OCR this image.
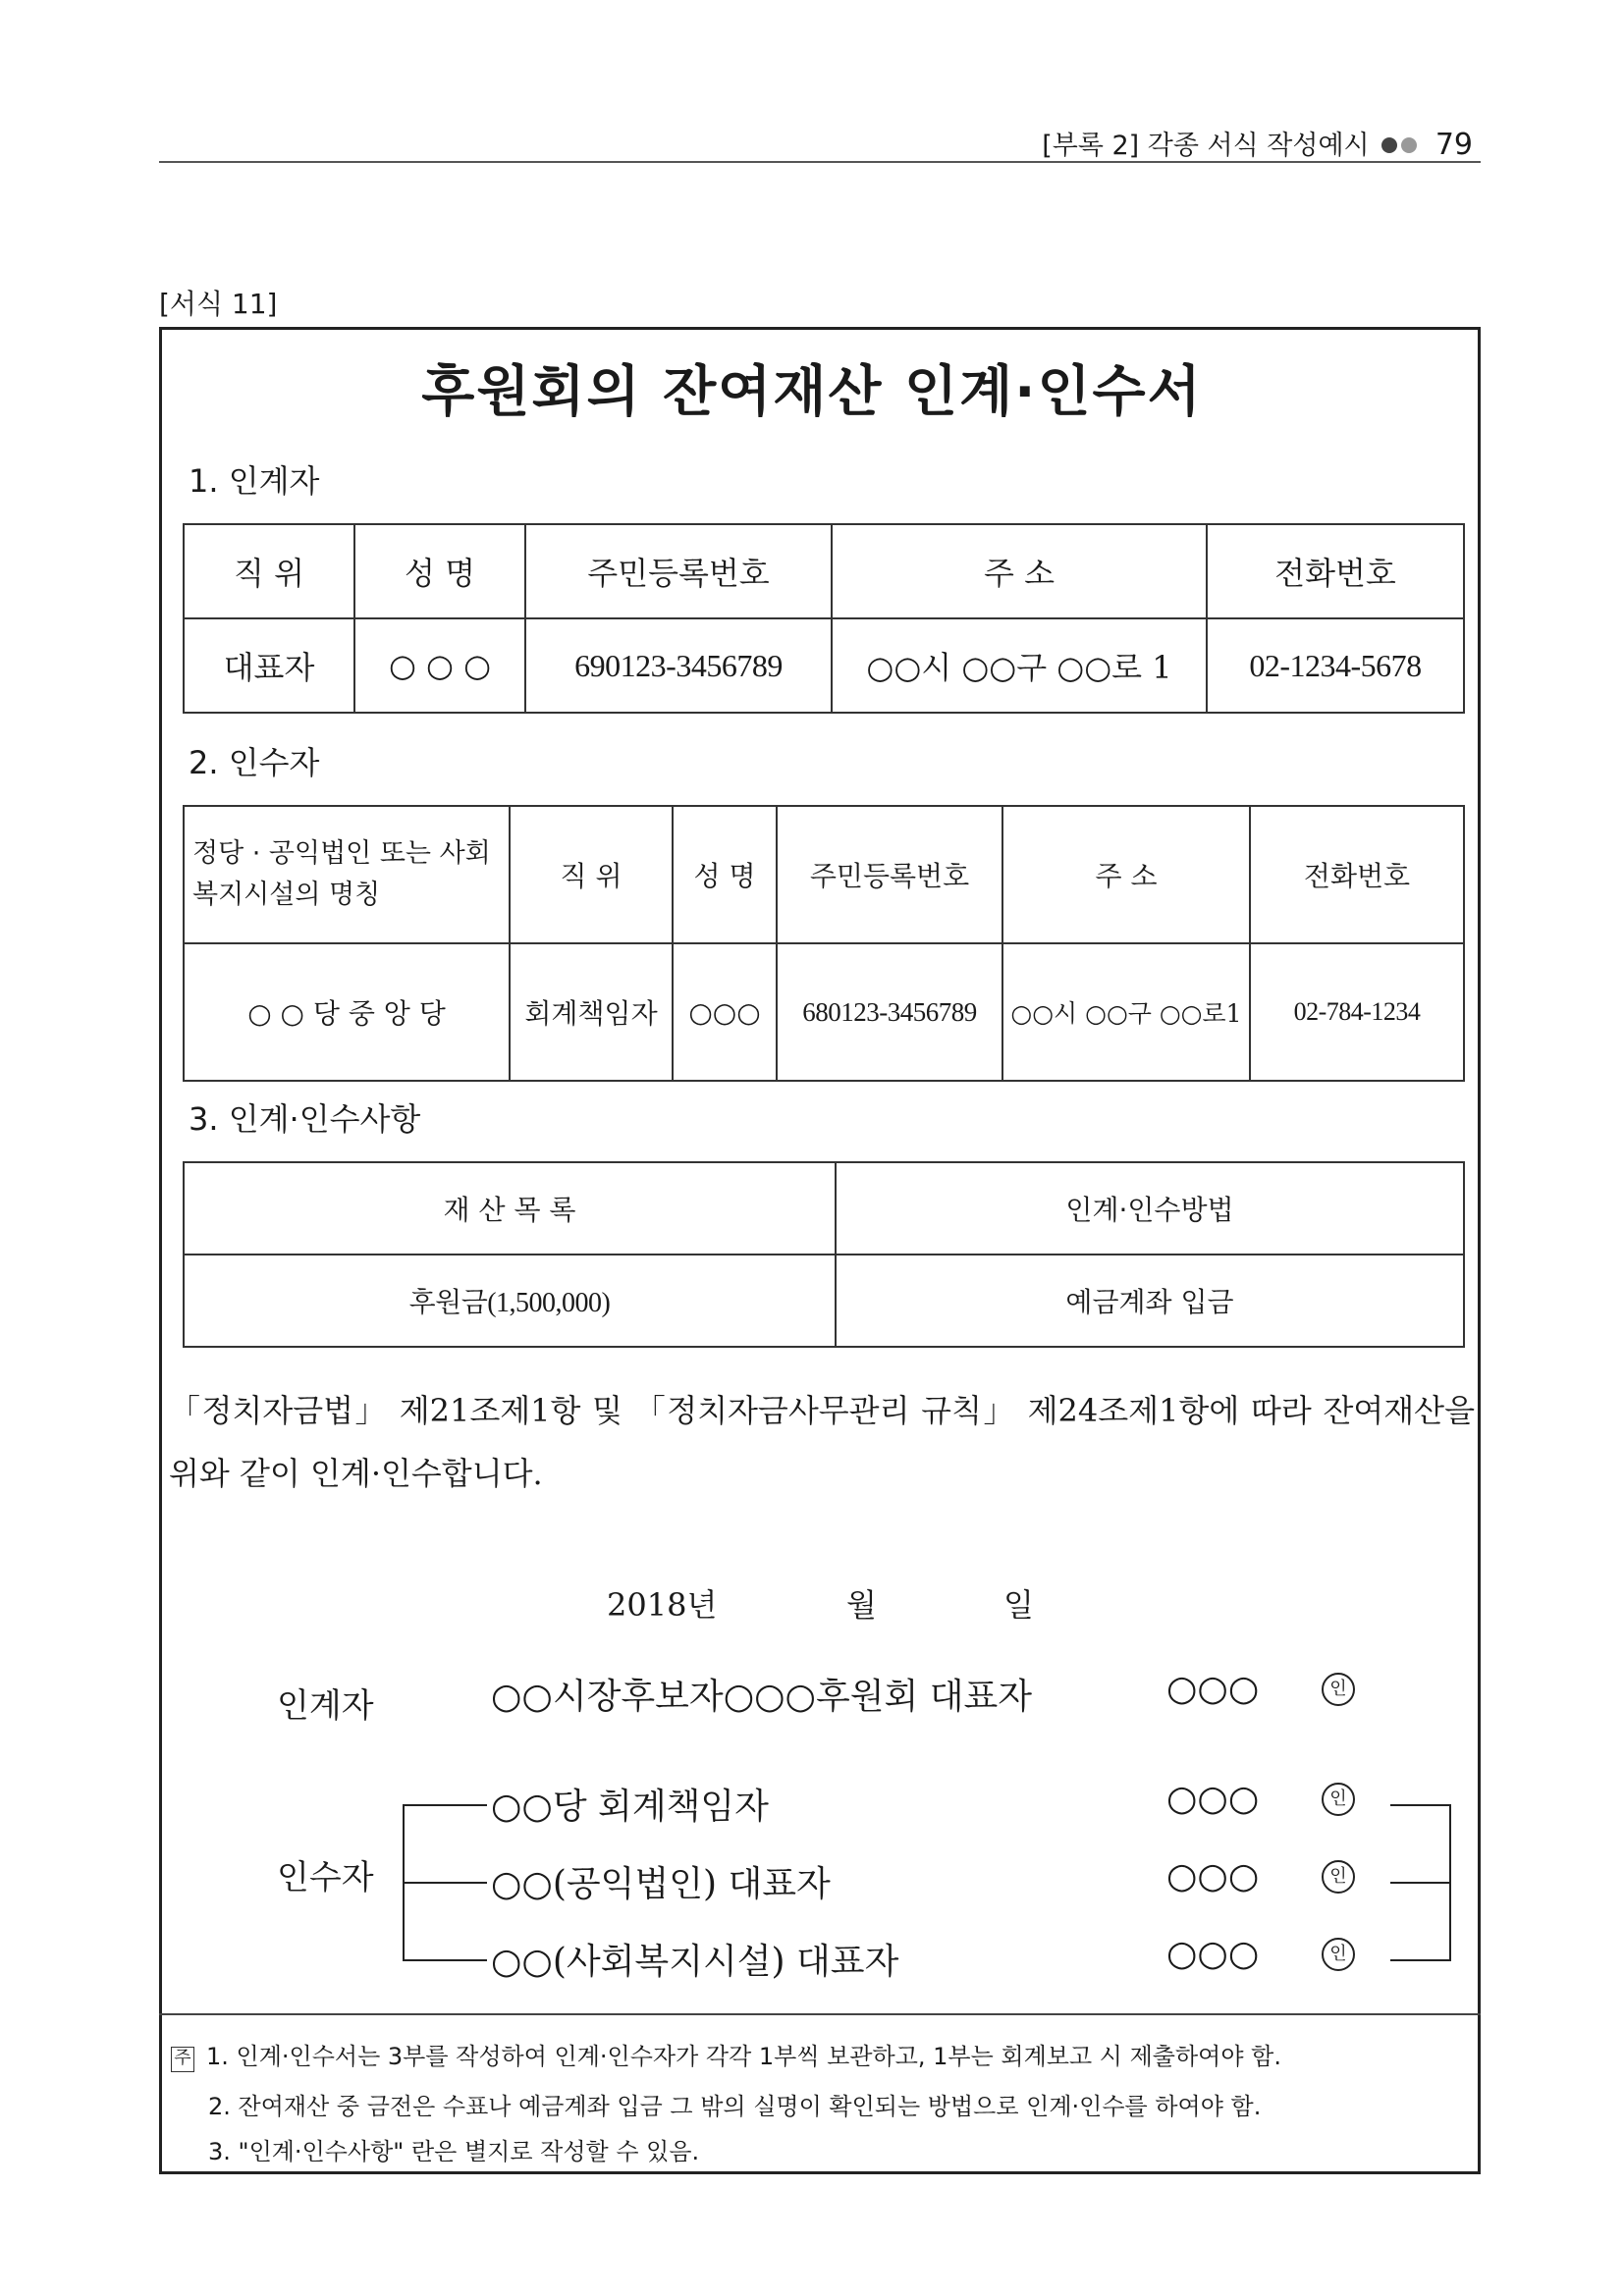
[부록 2] 각종 서식 작성예시 79
[서식 11]
후원회의 잔여재산 인계·인수서
1. 인계자
직 위	성 명	주민등록번호	주 소	전화번호
대표자	○ ○ ○	690123-3456789	○○시 ○○구 ○○로 1	02-1234-5678
2. 인수자
정당 · 공익법인 또는 사회복지시설의 명칭	직 위	성 명	주민등록번호	주 소	전화번호
○ ○ 당 중 앙 당	회계책임자	○○○	680123-3456789	○○시 ○○구 ○○로1	02-784-1234
3. 인계·인수사항
재 산 목 록	인계·인수방법
후원금(1,500,000)	예금계좌 입금
「정치자금법」 제21조제1항 및 「정치자금사무관리 규칙」 제24조제1항에 따라 잔여재산을 위와 같이 인계·인수합니다.
2018년	월	일
인계자	○○시장후보자○○○후원회 대표자	○○○	인
인수자
○○당 회계책임자	○○○	인
○○(공익법인) 대표자	○○○	인
○○(사회복지시설) 대표자	○○○	인
주 1. 인계·인수서는 3부를 작성하여 인계·인수자가 각각 1부씩 보관하고, 1부는 회계보고 시 제출하여야 함.
2. 잔여재산 중 금전은 수표나 예금계좌 입금 그 밖의 실명이 확인되는 방법으로 인계·인수를 하여야 함.
3. "인계·인수사항" 란은 별지로 작성할 수 있음.
